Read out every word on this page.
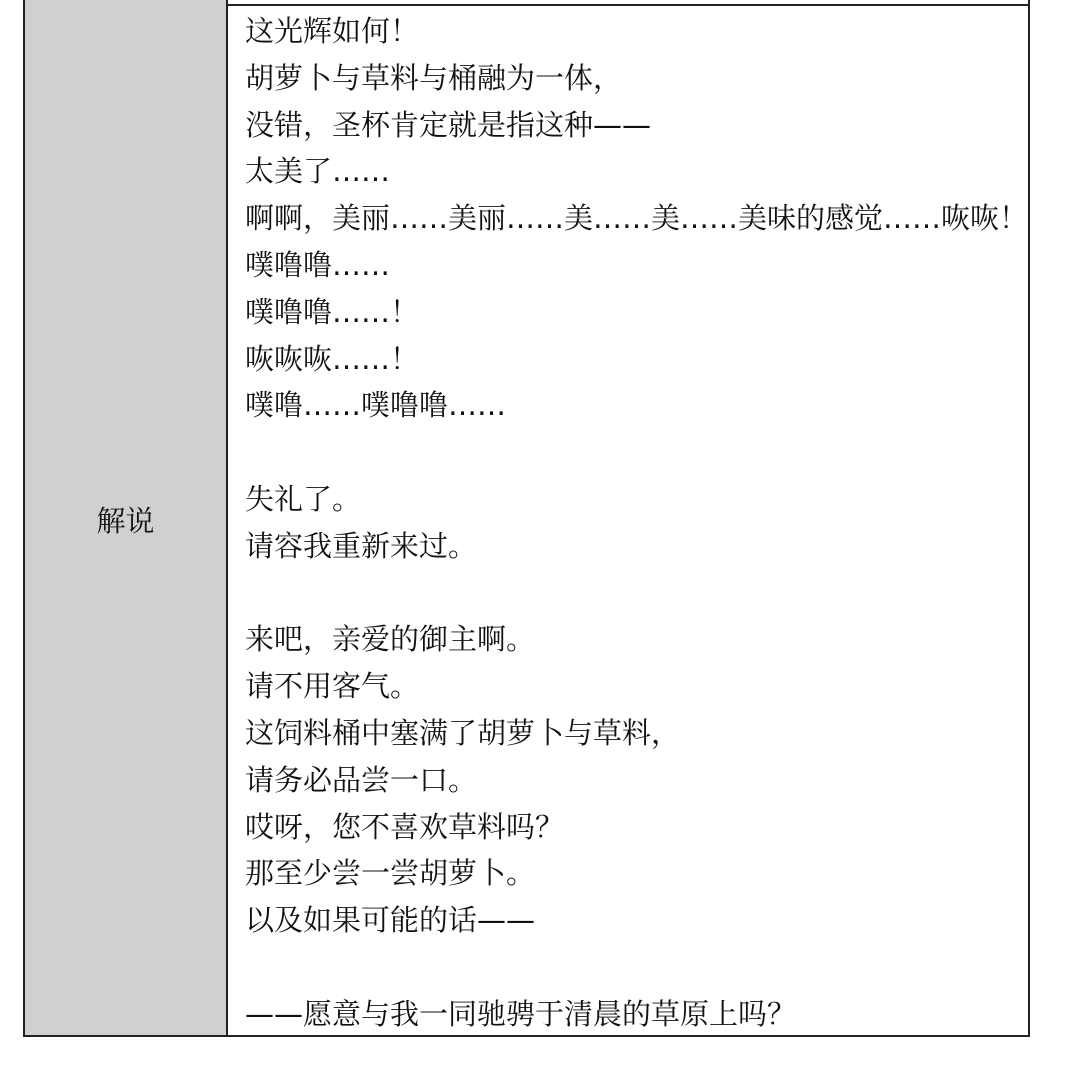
解说
这光辉如何！
胡萝卜与草料与桶融为一体，
没错，圣杯肯定就是指这种——
太美了……
啊啊，美丽……美丽……美……美……美味的感觉……咴咴！
噗噜噜……
噗噜噜……！
咴咴咴……！
噗噜……噗噜噜……
失礼了。
请容我重新来过。
来吧，亲爱的御主啊。
请不用客气。
这饲料桶中塞满了胡萝卜与草料，
请务必品尝一口。
哎呀，您不喜欢草料吗？
那至少尝一尝胡萝卜。
以及如果可能的话——
——愿意与我一同驰骋于清晨的草原上吗？
